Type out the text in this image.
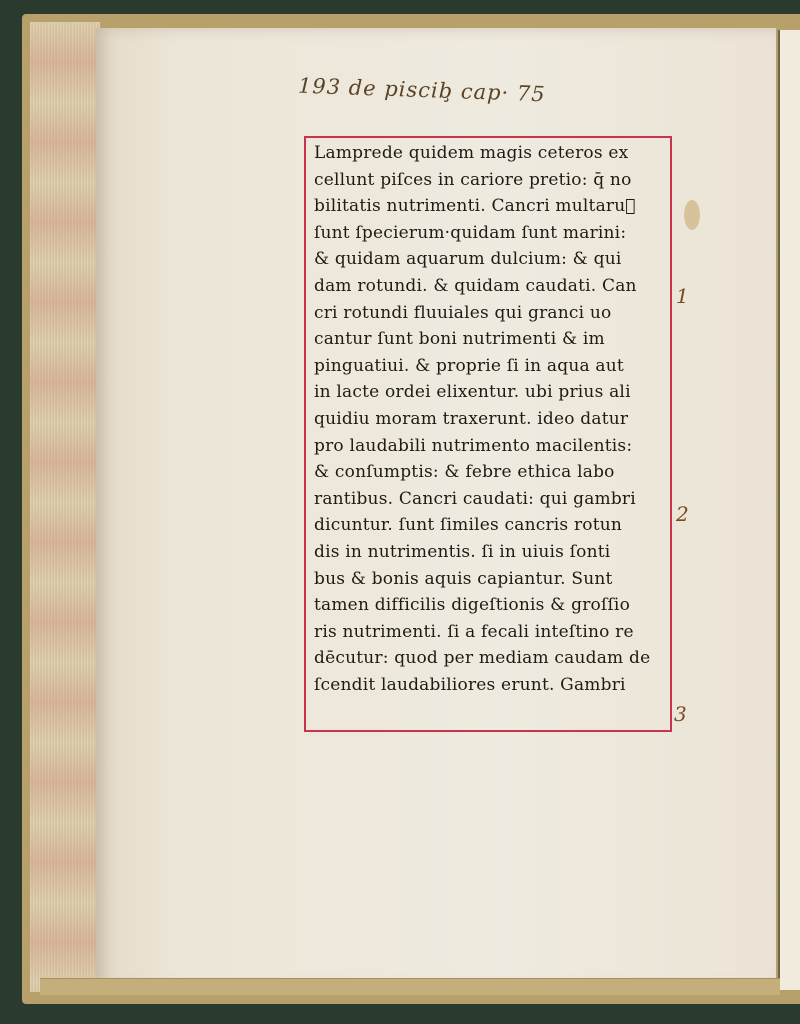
193 de piscib̧ cap· 75
Lamprede quidem magis ceteros ex
cellunt piſces in cariore pretio: q̄ no
bilitatis nutrimenti. Cancri multaru᷑
ſunt ſpecierum·quidam ſunt marini:
& quidam aquarum dulcium: & qui
dam rotundi. & quidam caudati. Can
cri rotundi fluuiales qui granci uo
cantur ſunt boni nutrimenti & im
pinguatiui. & proprie ſi in aqua aut
in lacte ordei elixentur. ubi prius ali
quidiu moram traxerunt. ideo datur
pro laudabili nutrimento macilentis:
& conſumptis: & febre ethica labo
rantibus. Cancri caudati: qui gambri
dicuntur. ſunt ſimiles cancris rotun
dis in nutrimentis. ſi in uiuis ſonti
bus & bonis aquis capiantur. Sunt
tamen difficilis digeſtionis & groſſio
ris nutrimenti. ſi a fecali inteſtino re
dēcutur: quod per mediam caudam de
ſcendit laudabiliores erunt. Gambri
1
2
3
